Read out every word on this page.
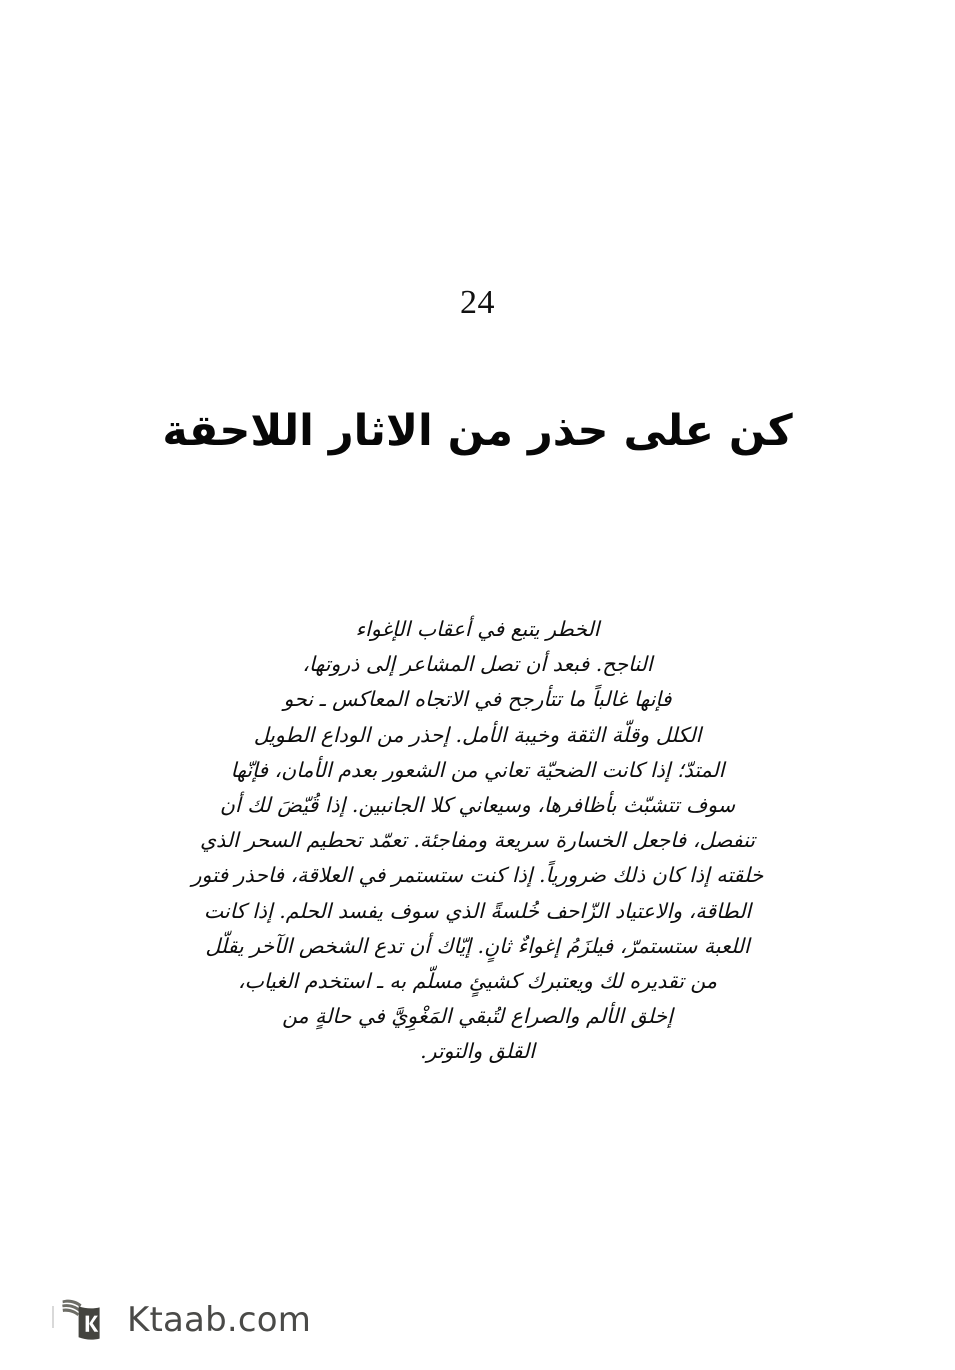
24
كن على حذر من الاثار اللاحقة
الخطر يتبع في أعقاب الإغواء
الناجح. فبعد أن تصل المشاعر إلى ذروتها،
فإنها غالباً ما تتأرجح في الاتجاه المعاكس ـ نحو
الكلل وقلّة الثقة وخيبة الأمل. إحذر من الوداع الطويل
المتدّ؛ إذا كانت الضحيّة تعاني من الشعور بعدم الأمان، فإنّها
سوف تتشبّث بأظافرها، وسيعاني كلا الجانبين. إذا قُيّضَ لك أن
تنفصل، فاجعل الخسارة سريعة ومفاجئة. تعمّد تحطيم السحر الذي
خلقته إذا كان ذلك ضرورياً. إذا كنت ستستمر في العلاقة، فاحذر فتور
الطاقة، والاعتياد الزّاحف خُلسةً الذي سوف يفسد الحلم. إذا كانت
اللعبة ستستمرّ، فيلزَمُ إغواءٌ ثانٍ. إيّاك أن تدع الشخص الآخر يقلّل
من تقديره لك ويعتبرك كشيئٍ مسلّم به ـ استخدم الغياب،
إخلق الألم والصراع لتُبقي المَغْوِيَّ في حالةٍ من
القلق والتوتر.
Ktaab.com
